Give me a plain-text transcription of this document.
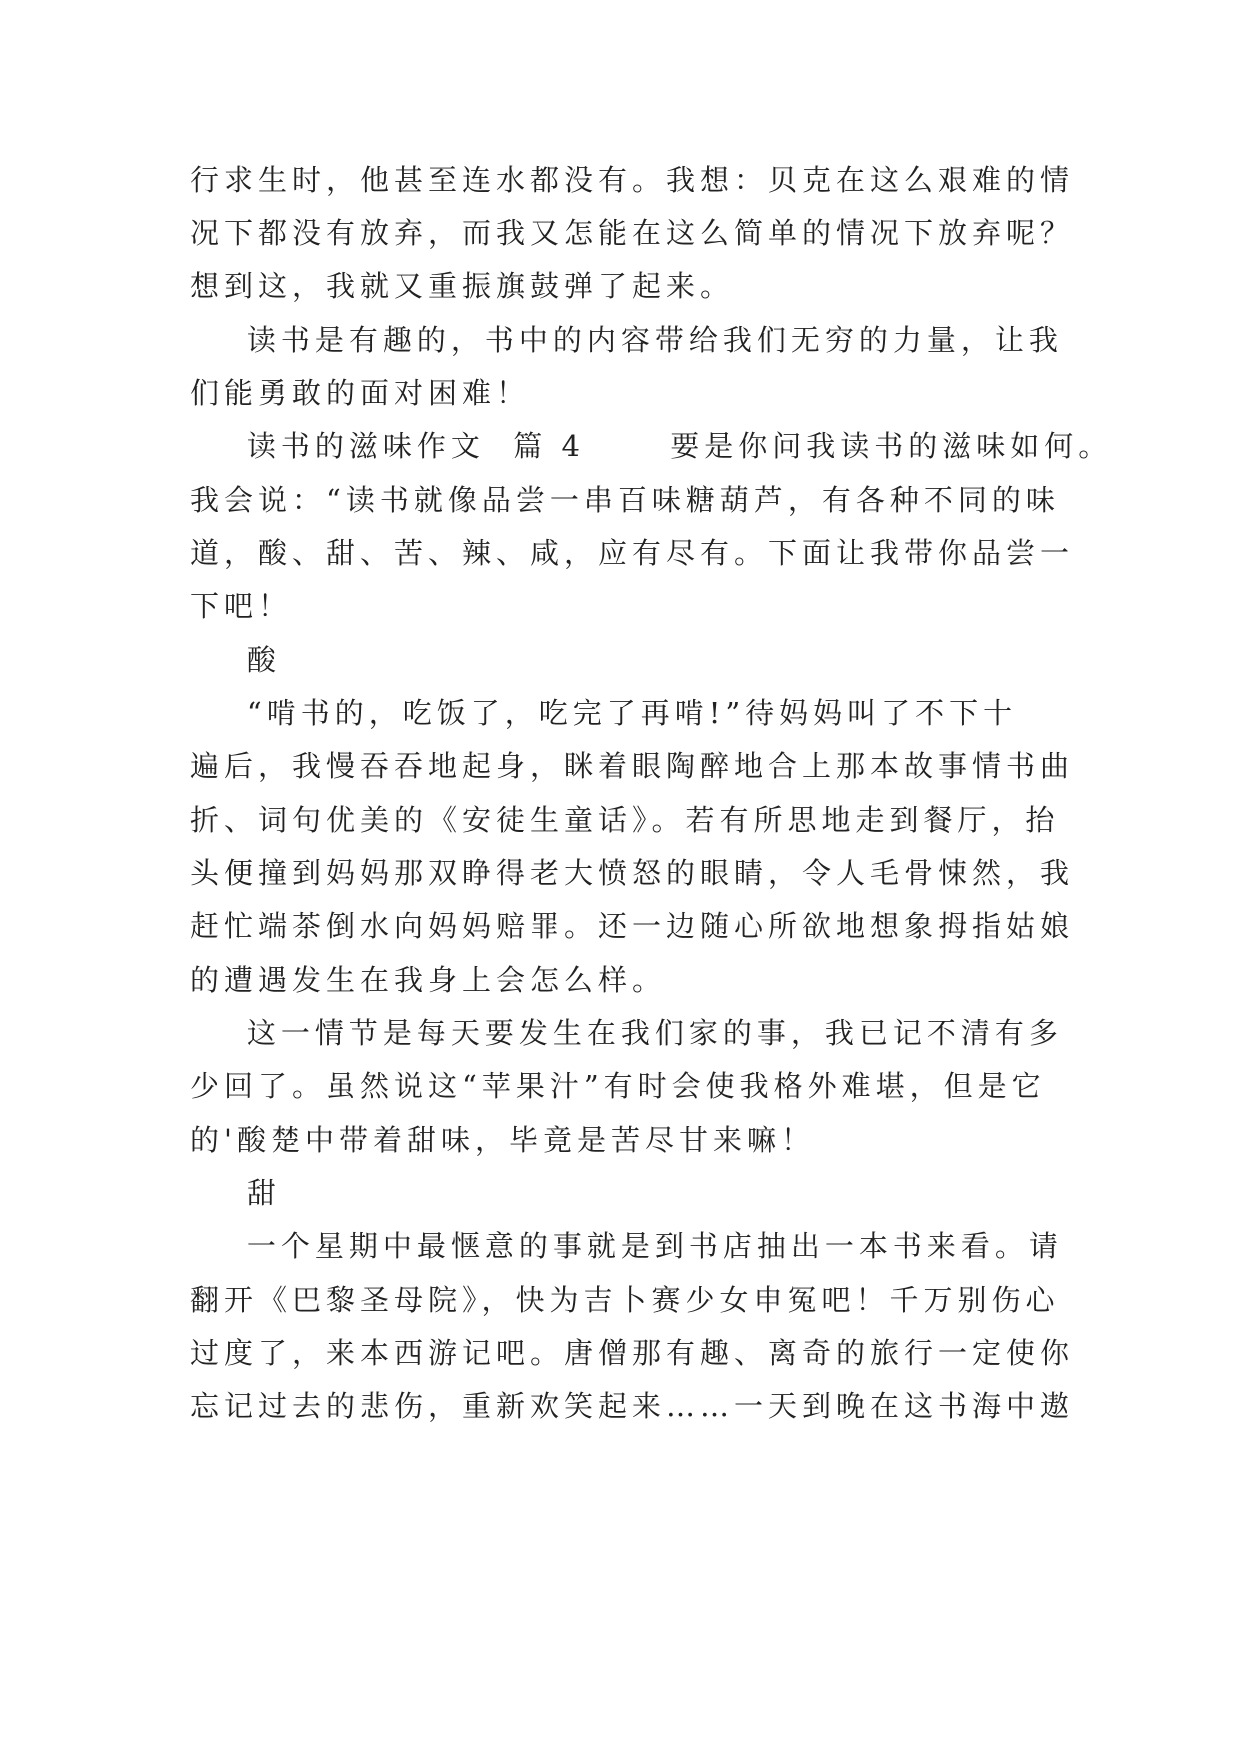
行求生时，他甚至连水都没有。我想：贝克在这么艰难的情
况下都没有放弃，而我又怎能在这么简单的情况下放弃呢？
想到这，我就又重振旗鼓弹了起来。
读书是有趣的，书中的内容带给我们无穷的力量，让我
们能勇敢的面对困难！
读书的滋味作文  篇 4      要是你问我读书的滋味如何。
我会说：“读书就像品尝一串百味糖葫芦，有各种不同的味
道，酸、甜、苦、辣、咸，应有尽有。下面让我带你品尝一
下吧！
酸
“啃书的，吃饭了，吃完了再啃!”待妈妈叫了不下十
遍后，我慢吞吞地起身，眯着眼陶醉地合上那本故事情书曲
折、词句优美的《安徒生童话》。若有所思地走到餐厅，抬
头便撞到妈妈那双睁得老大愤怒的眼睛，令人毛骨悚然，我
赶忙端茶倒水向妈妈赔罪。还一边随心所欲地想象拇指姑娘
的遭遇发生在我身上会怎么样。
这一情节是每天要发生在我们家的事，我已记不清有多
少回了。虽然说这“苹果汁”有时会使我格外难堪，但是它
的'酸楚中带着甜味，毕竟是苦尽甘来嘛！
甜
一个星期中最惬意的事就是到书店抽出一本书来看。请
翻开《巴黎圣母院》，快为吉卜赛少女申冤吧！千万别伤心
过度了，来本西游记吧。唐僧那有趣、离奇的旅行一定使你
忘记过去的悲伤，重新欢笑起来……一天到晚在这书海中遨
